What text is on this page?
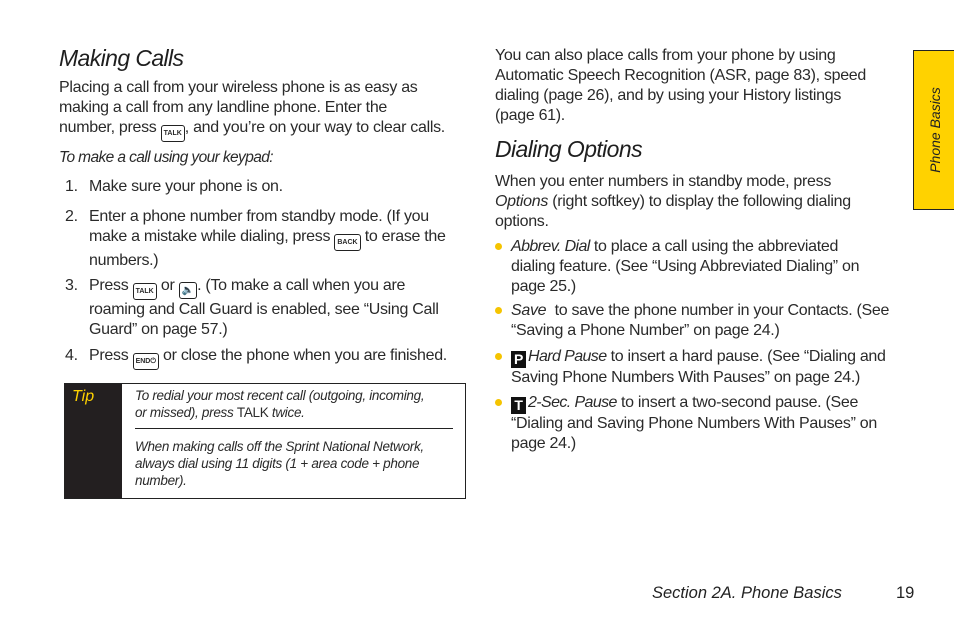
Making Calls
Placing a call from your wireless phone is as easy as
making a call from any landline phone. Enter the
number, press TALK , and you’re on your way to clear calls.
To make a call using your keypad:
1. Make sure your phone is on.
2. Enter a phone number from standby mode. (If you
make a mistake while dialing, press BACK to erase the
numbers.)
3. Press TALK or 🔈 . (To make a call when you are
roaming and Call Guard is enabled, see “Using Call
Guard” on page 57.)
4. Press END⏻ or close the phone when you are finished.
Tip	To redial your most recent call (outgoing, incoming,
or missed), press TALK twice.
When making calls off the Sprint National Network,
always dial using 11 digits (1 + area code + phone
number).
You can also place calls from your phone by using
Automatic Speech Recognition (ASR, page 83), speed
dialing (page 26), and by using your History listings
(page 61).
Dialing Options
When you enter numbers in standby mode, press
Options (right softkey) to display the following dialing
options.
Abbrev. Dial to place a call using the abbreviated
dialing feature. (See “Using Abbreviated Dialing” on
page 25.)
Save  to save the phone number in your Contacts. (See
“Saving a Phone Number” on page 24.)
P Hard Pause to insert a hard pause. (See “Dialing and
Saving Phone Numbers With Pauses” on page 24.)
T 2-Sec. Pause to insert a two-second pause. (See
“Dialing and Saving Phone Numbers With Pauses” on
page 24.)
Phone Basics
Section 2A. Phone Basics	19
